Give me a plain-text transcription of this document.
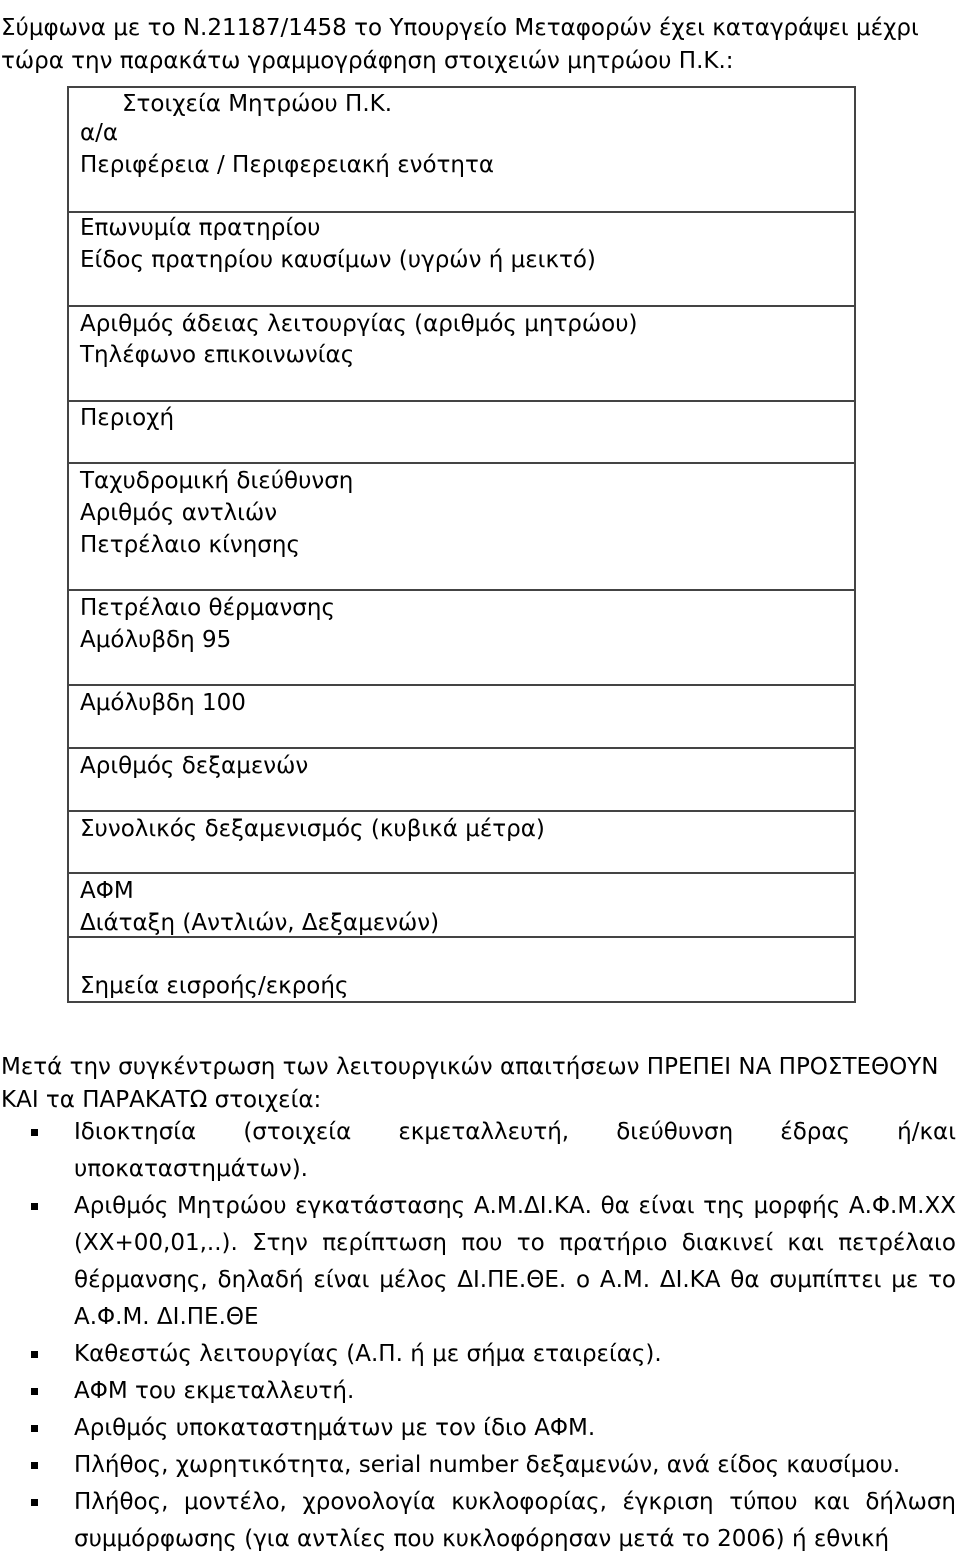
Σύμφωνα με το Ν.21187/1458 το Υπουργείο Μεταφορών έχει καταγράψει μέχρι τώρα την παρακάτω γραμμογράφηση στοιχειών μητρώου Π.Κ.:

Στοιχεία Μητρώου Π.Κ.

α/α
Περιφέρεια / Περιφερειακή ενότητα
Επωνυμία πρατηρίου
Είδος πρατηρίου καυσίμων (υγρών ή μεικτό)
Αριθμός άδειας λειτουργίας (αριθμός μητρώου)
Τηλέφωνο επικοινωνίας
Περιοχή
Ταχυδρομική διεύθυνση
Αριθμός αντλιών
Πετρέλαιο κίνησης
Πετρέλαιο θέρμανσης
Αμόλυβδη 95
Αμόλυβδη 100
Αριθμός δεξαμενών
Συνολικός δεξαμενισμός (κυβικά μέτρα)
ΑΦΜ
Διάταξη (Αντλιών, Δεξαμενών)
Σημεία εισροής/εκροής

Μετά την συγκέντρωση των λειτουργικών απαιτήσεων ΠΡΕΠΕΙ ΝΑ ΠΡΟΣΤΕΘΟΥΝ ΚΑΙ τα ΠΑΡΑΚΑΤΩ στοιχεία:

Ιδιοκτησία (στοιχεία εκμεταλλευτή, διεύθυνση έδρας ή/και υποκαταστημάτων).
Αριθμός Μητρώου εγκατάστασης Α.Μ.ΔΙ.ΚΑ. θα είναι της μορφής Α.Φ.Μ.ΧΧ (ΧΧ+00,01,..). Στην περίπτωση που το πρατήριο διακινεί και πετρέλαιο θέρμανσης, δηλαδή είναι μέλος ΔΙ.ΠΕ.ΘΕ. ο Α.Μ. ΔΙ.ΚΑ θα συμπίπτει με το Α.Φ.Μ. ΔΙ.ΠΕ.ΘΕ
Καθεστώς λειτουργίας (Α.Π. ή με σήμα εταιρείας).
ΑΦΜ του εκμεταλλευτή.
Αριθμός υποκαταστημάτων με τον ίδιο ΑΦΜ.
Πλήθος, χωρητικότητα, serial number δεξαμενών, ανά είδος καυσίμου.
Πλήθος, μοντέλο, χρονολογία κυκλοφορίας, έγκριση τύπου και δήλωση συμμόρφωσης (για αντλίες που κυκλοφόρησαν μετά το 2006) ή εθνική
